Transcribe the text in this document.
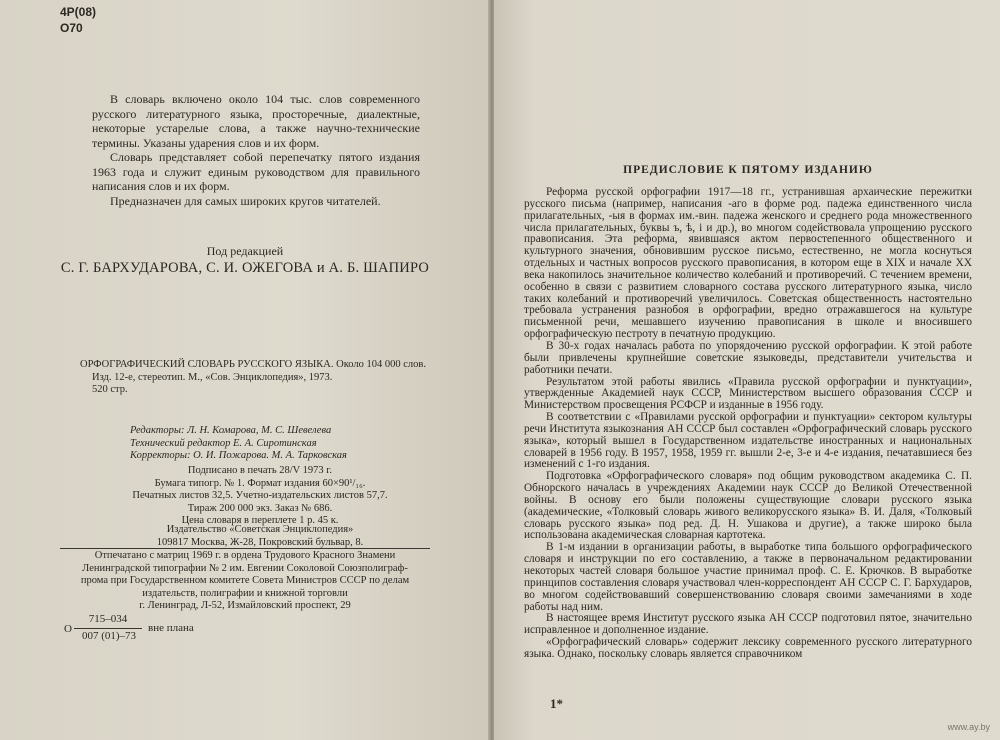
4Р(08)
О70

В словарь включено около 104 тыс. слов современного русского литературного языка, просторечные, диалектные, некоторые устарелые слова, а также научно-технические термины. Указаны ударения слов и их форм.

Словарь представляет собой перепечатку пятого издания 1963 года и служит единым руководством для правильного написания слов и их форм.

Предназначен для самых широких кругов читателей.

Под редакцией
С. Г. БАРХУДАРОВА, С. И. ОЖЕГОВА и А. Б. ШАПИРО

ОРФОГРАФИЧЕСКИЙ СЛОВАРЬ РУССКОГО ЯЗЫКА. Около 104 000 слов.

Изд. 12-е, стереотип. М., «Сов. Энциклопедия», 1973.

520 стр.

Редакторы: Л. Н. Комарова, М. С. Шевелева

Технический редактор Е. А. Сиротинская

Корректоры: О. И. Пожарова. М. А. Тарковская

Подписано в печать 28/V 1973 г.

Бумага типогр. № 1. Формат издания 60×90¹/₁₆.

Печатных листов 32,5. Учетно-издательских листов 57,7.

Тираж 200 000 экз. Заказ № 686.

Цена словаря в переплете 1 р. 45 к.

Издательство «Советская Энциклопедия»

109817 Москва, Ж-28, Покровский бульвар, 8.

Отпечатано с матриц 1969 г. в ордена Трудового Красного Знамени

Ленинградской типографии № 2 им. Евгении Соколовой Союзполиграф-

прома при Государственном комитете Совета Министров СССР по делам

издательств, полиграфии и книжной торговли

г. Ленинград, Л-52, Измайловский проспект, 29

О
715–034
007 (01)–73
вне плана
ПРЕДИСЛОВИЕ К ПЯТОМУ ИЗДАНИЮ

Реформа русской орфографии 1917—18 гг., устранившая архаические пережитки русского письма (например, написания -аго в форме род. падежа единственного числа прилагательных, -ыя в формах им.-вин. падежа женского и среднего рода множественного числа прилагательных, буквы ъ, ѣ, і и др.), во многом содействовала упрощению русского правописания. Эта реформа, явившаяся актом первостепенного общественного и культурного значения, обновившим русское письмо, естественно, не могла коснуться отдельных и частных вопросов русского правописания, в котором еще в XIX и начале XX века накопилось значительное количество колебаний и противоречий. С течением времени, особенно в связи с развитием словарного состава русского литературного языка, число таких колебаний и противоречий увеличилось. Советская общественность настоятельно требовала устранения разнобоя в орфографии, вредно отражавшегося на культуре письменной речи, мешавшего изучению правописания в школе и вносившего орфографическую пестроту в печатную продукцию.

В 30-х годах началась работа по упорядочению русской орфографии. К этой работе были привлечены крупнейшие советские языковеды, представители учительства и работники печати.

Результатом этой работы явились «Правила русской орфографии и пунктуации», утвержденные Академией наук СССР, Министерством высшего образования СССР и Министерством просвещения РСФСР и изданные в 1956 году.

В соответствии с «Правилами русской орфографии и пунктуации» сектором культуры речи Института языкознания АН СССР был составлен «Орфографический словарь русского языка», который вышел в Государственном издательстве иностранных и национальных словарей в 1956 году. В 1957, 1958, 1959 гг. вышли 2-е, 3-е и 4-е издания, печатавшиеся без изменений с 1-го издания.

Подготовка «Орфографического словаря» под общим руководством академика С. П. Обнорского началась в учреждениях Академии наук СССР до Великой Отечественной войны. В основу его были положены существующие словари русского языка (академические, «Толковый словарь живого великорусского языка» В. И. Даля, «Толковый словарь русского языка» под ред. Д. Н. Ушакова и другие), а также широко была использована академическая словарная картотека.

В 1-м издании в организации работы, в выработке типа большого орфографического словаря и инструкции по его составлению, а также в первоначальном редактировании некоторых частей словаря большое участие принимал проф. С. Е. Крючков. В выработке принципов составления словаря участвовал член-корреспондент АН СССР С. Г. Бархударов, во многом содействовавший совершенствованию словаря своими замечаниями в ходе работы над ним.

В настоящее время Институт русского языка АН СССР подготовил пятое, значительно исправленное и дополненное издание.

«Орфографический словарь» содержит лексику современного русского литературного языка. Однако, поскольку словарь является справочником

1*
www.ay.by
